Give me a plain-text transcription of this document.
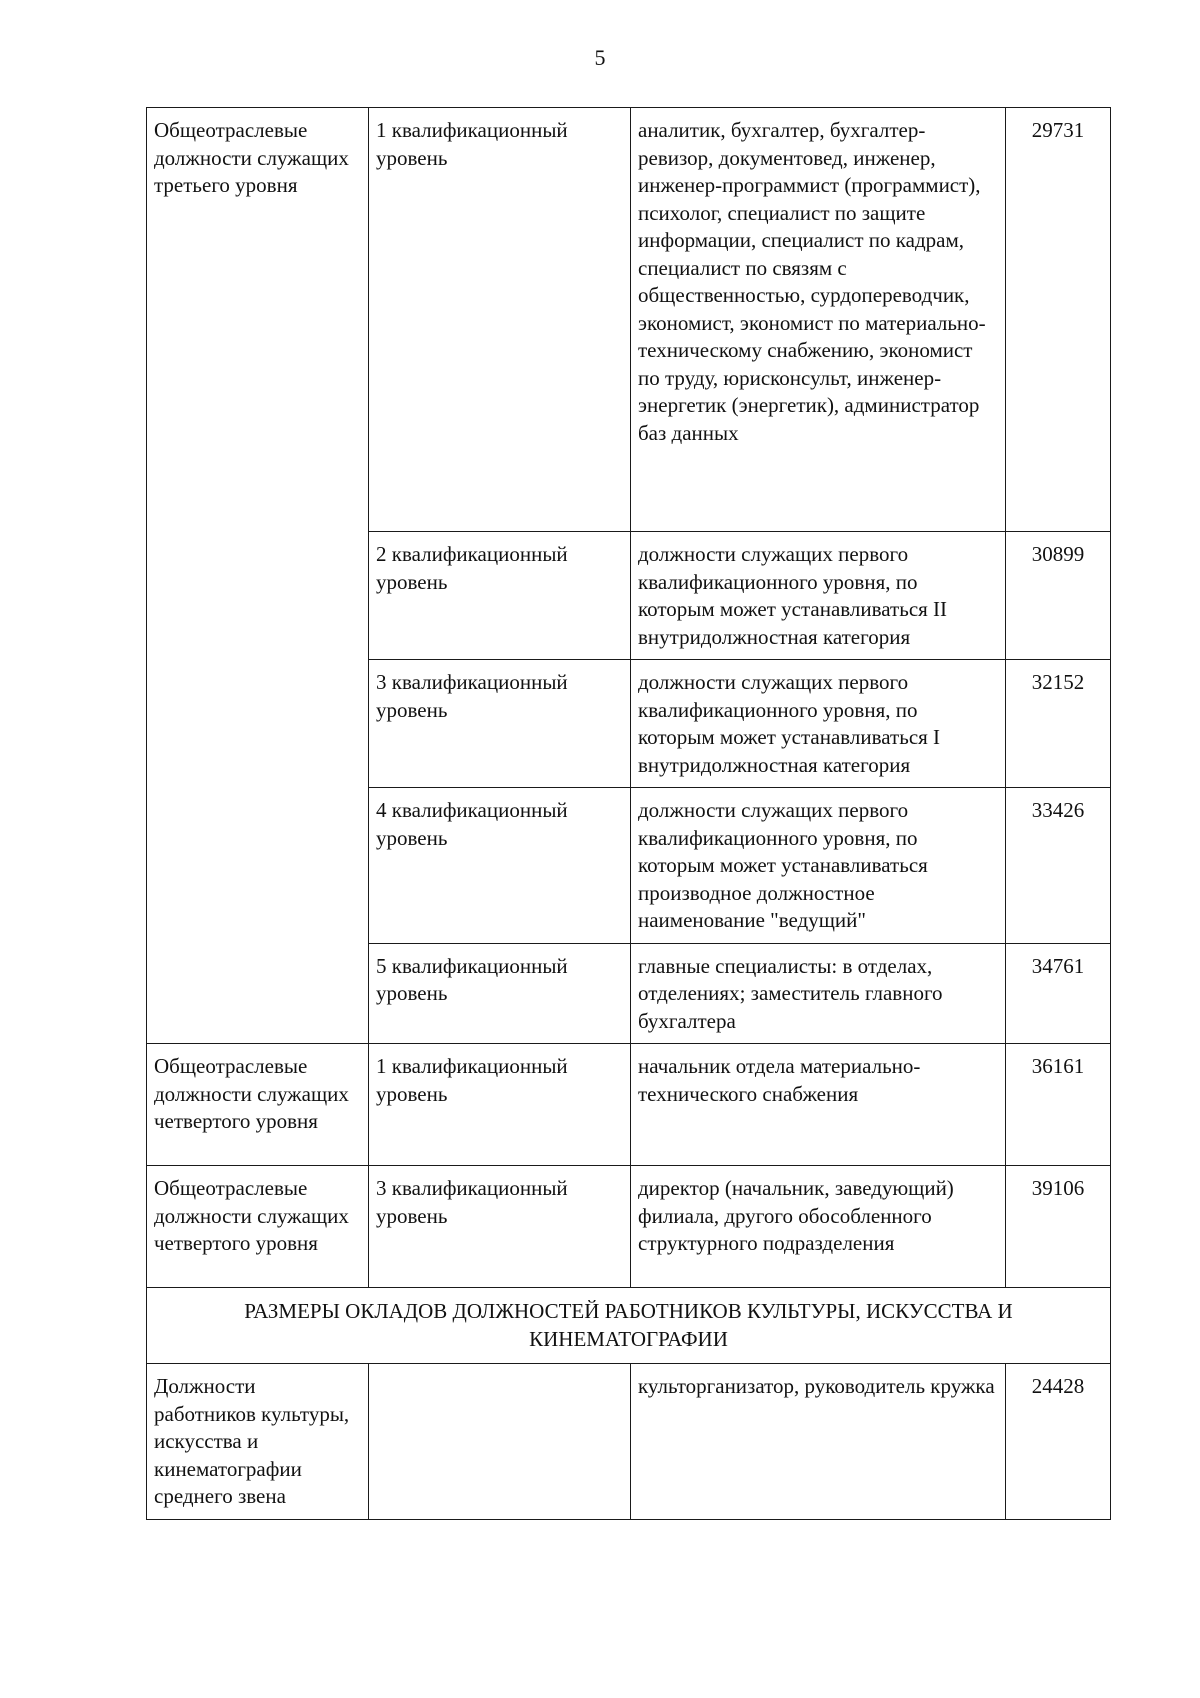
5
Общеотраслевые должности служащих третьего уровня	1 квалификационный уровень	аналитик, бухгалтер, бухгалтер-ревизор, документовед, инженер, инженер-программист (программист), психолог, специалист по защите информации, специалист по кадрам, специалист по связям с общественностью, сурдопереводчик, экономист, экономист по материально-техническому снабжению, экономист по труду, юрисконсульт, инженер-энергетик (энергетик), администратор баз данных	29731
	2 квалификационный уровень	должности служащих первого квалификационного уровня, по которым может устанавливаться II внутридолжностная категория	30899
	3 квалификационный уровень	должности служащих первого квалификационного уровня, по которым может устанавливаться I внутридолжностная категория	32152
	4 квалификационный уровень	должности служащих первого квалификационного уровня, по которым может устанавливаться производное должностное наименование "ведущий"	33426
	5 квалификационный уровень	главные специалисты: в отделах, отделениях; заместитель главного бухгалтера	34761
Общеотраслевые должности служащих четвертого уровня	1 квалификационный уровень	начальник отдела материально-технического снабжения	36161
Общеотраслевые должности служащих четвертого уровня	3 квалификационный уровень	директор (начальник, заведующий) филиала, другого обособленного структурного подразделения	39106
РАЗМЕРЫ ОКЛАДОВ ДОЛЖНОСТЕЙ РАБОТНИКОВ КУЛЬТУРЫ, ИСКУССТВА И КИНЕМАТОГРАФИИ			
Должности работников культуры, искусства и кинематографии среднего звена		культорганизатор, руководитель кружка	24428
